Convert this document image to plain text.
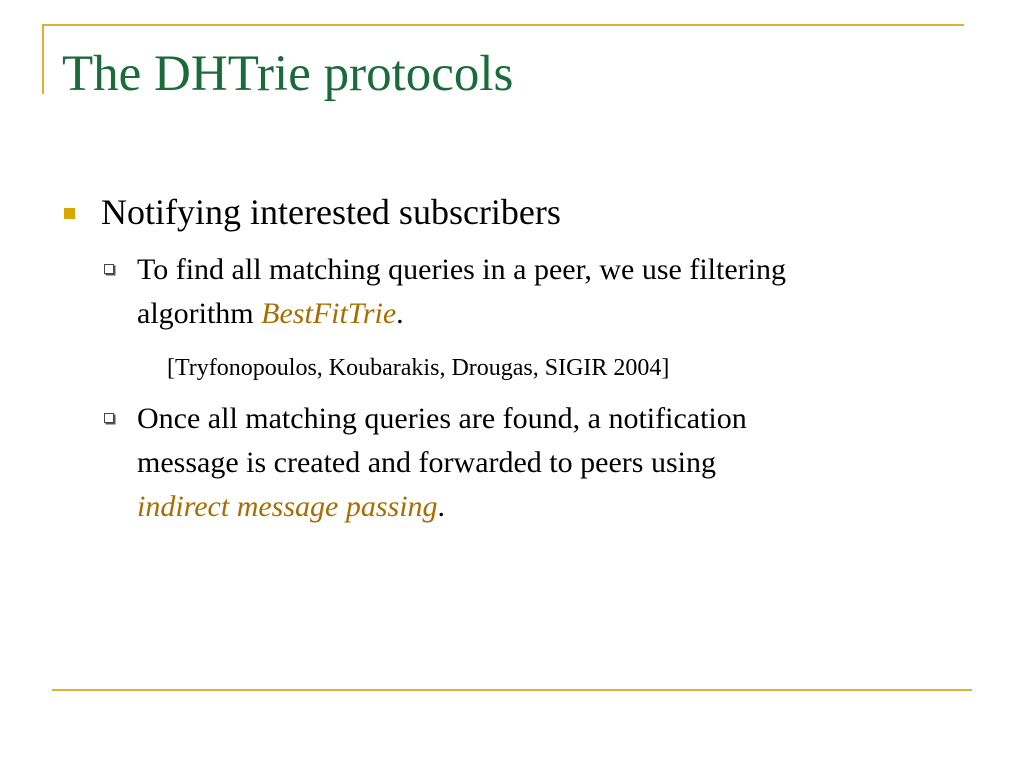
The DHTrie protocols
Notifying interested subscribers
To find all matching queries in a peer, we use filtering
algorithm BestFitTrie.
[Tryfonopoulos, Koubarakis, Drougas, SIGIR 2004]
Once all matching queries are found, a notification
message is created and forwarded to peers using
indirect message passing.
